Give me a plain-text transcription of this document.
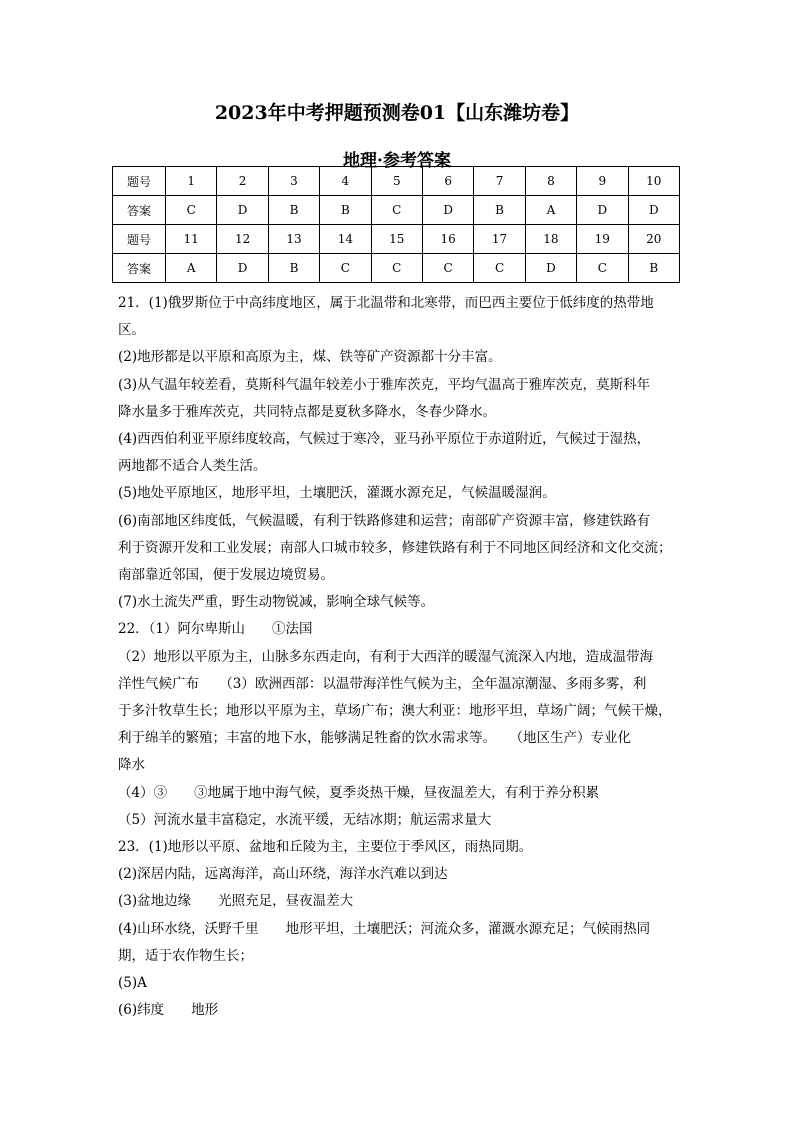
2023年中考押题预测卷01【山东潍坊卷】
地理·参考答案
题号	1	2	3	4	5	6	7	8	9	10
答案	C	D	B	B	C	D	B	A	D	D
题号	11	12	13	14	15	16	17	18	19	20
答案	A	D	B	C	C	C	C	D	C	B
21．(1)俄罗斯位于中高纬度地区，属于北温带和北寒带，而巴西主要位于低纬度的热带地
区。
(2)地形都是以平原和高原为主，煤、铁等矿产资源都十分丰富。
(3)从气温年较差看，莫斯科气温年较差小于雅库茨克，平均气温高于雅库茨克，莫斯科年
降水量多于雅库茨克，共同特点都是夏秋多降水，冬春少降水。
(4)西西伯利亚平原纬度较高，气候过于寒冷，亚马孙平原位于赤道附近，气候过于湿热，
两地都不适合人类生活。
(5)地处平原地区，地形平坦，土壤肥沃，灌溉水源充足，气候温暖湿润。
(6)南部地区纬度低，气候温暖，有利于铁路修建和运营；南部矿产资源丰富，修建铁路有
利于资源开发和工业发展；南部人口城市较多，修建铁路有利于不同地区间经济和文化交流；
南部靠近邻国，便于发展边境贸易。
(7)水土流失严重，野生动物锐减，影响全球气候等。
22．（1）阿尔卑斯山　　①法国
（2）地形以平原为主，山脉多东西走向，有利于大西洋的暖湿气流深入内地，造成温带海
洋性气候广布　　（3）欧洲西部：以温带海洋性气候为主，全年温凉潮湿、多雨多雾，利
于多汁牧草生长；地形以平原为主，草场广布；澳大利亚：地形平坦，草场广阔；气候干燥，
利于绵羊的繁殖；丰富的地下水，能够满足牲畜的饮水需求等。　　（地区生产）专业化
降水
（4）③　　③地属于地中海气候，夏季炎热干燥，昼夜温差大，有利于养分积累
（5）河流水量丰富稳定，水流平缓，无结冰期；航运需求量大
23．(1)地形以平原、盆地和丘陵为主，主要位于季风区，雨热同期。
(2)深居内陆，远离海洋，高山环绕，海洋水汽难以到达
(3)盆地边缘　　光照充足，昼夜温差大
(4)山环水绕，沃野千里　　地形平坦，土壤肥沃；河流众多，灌溉水源充足；气候雨热同
期，适于农作物生长；
(5)A
(6)纬度　　地形
